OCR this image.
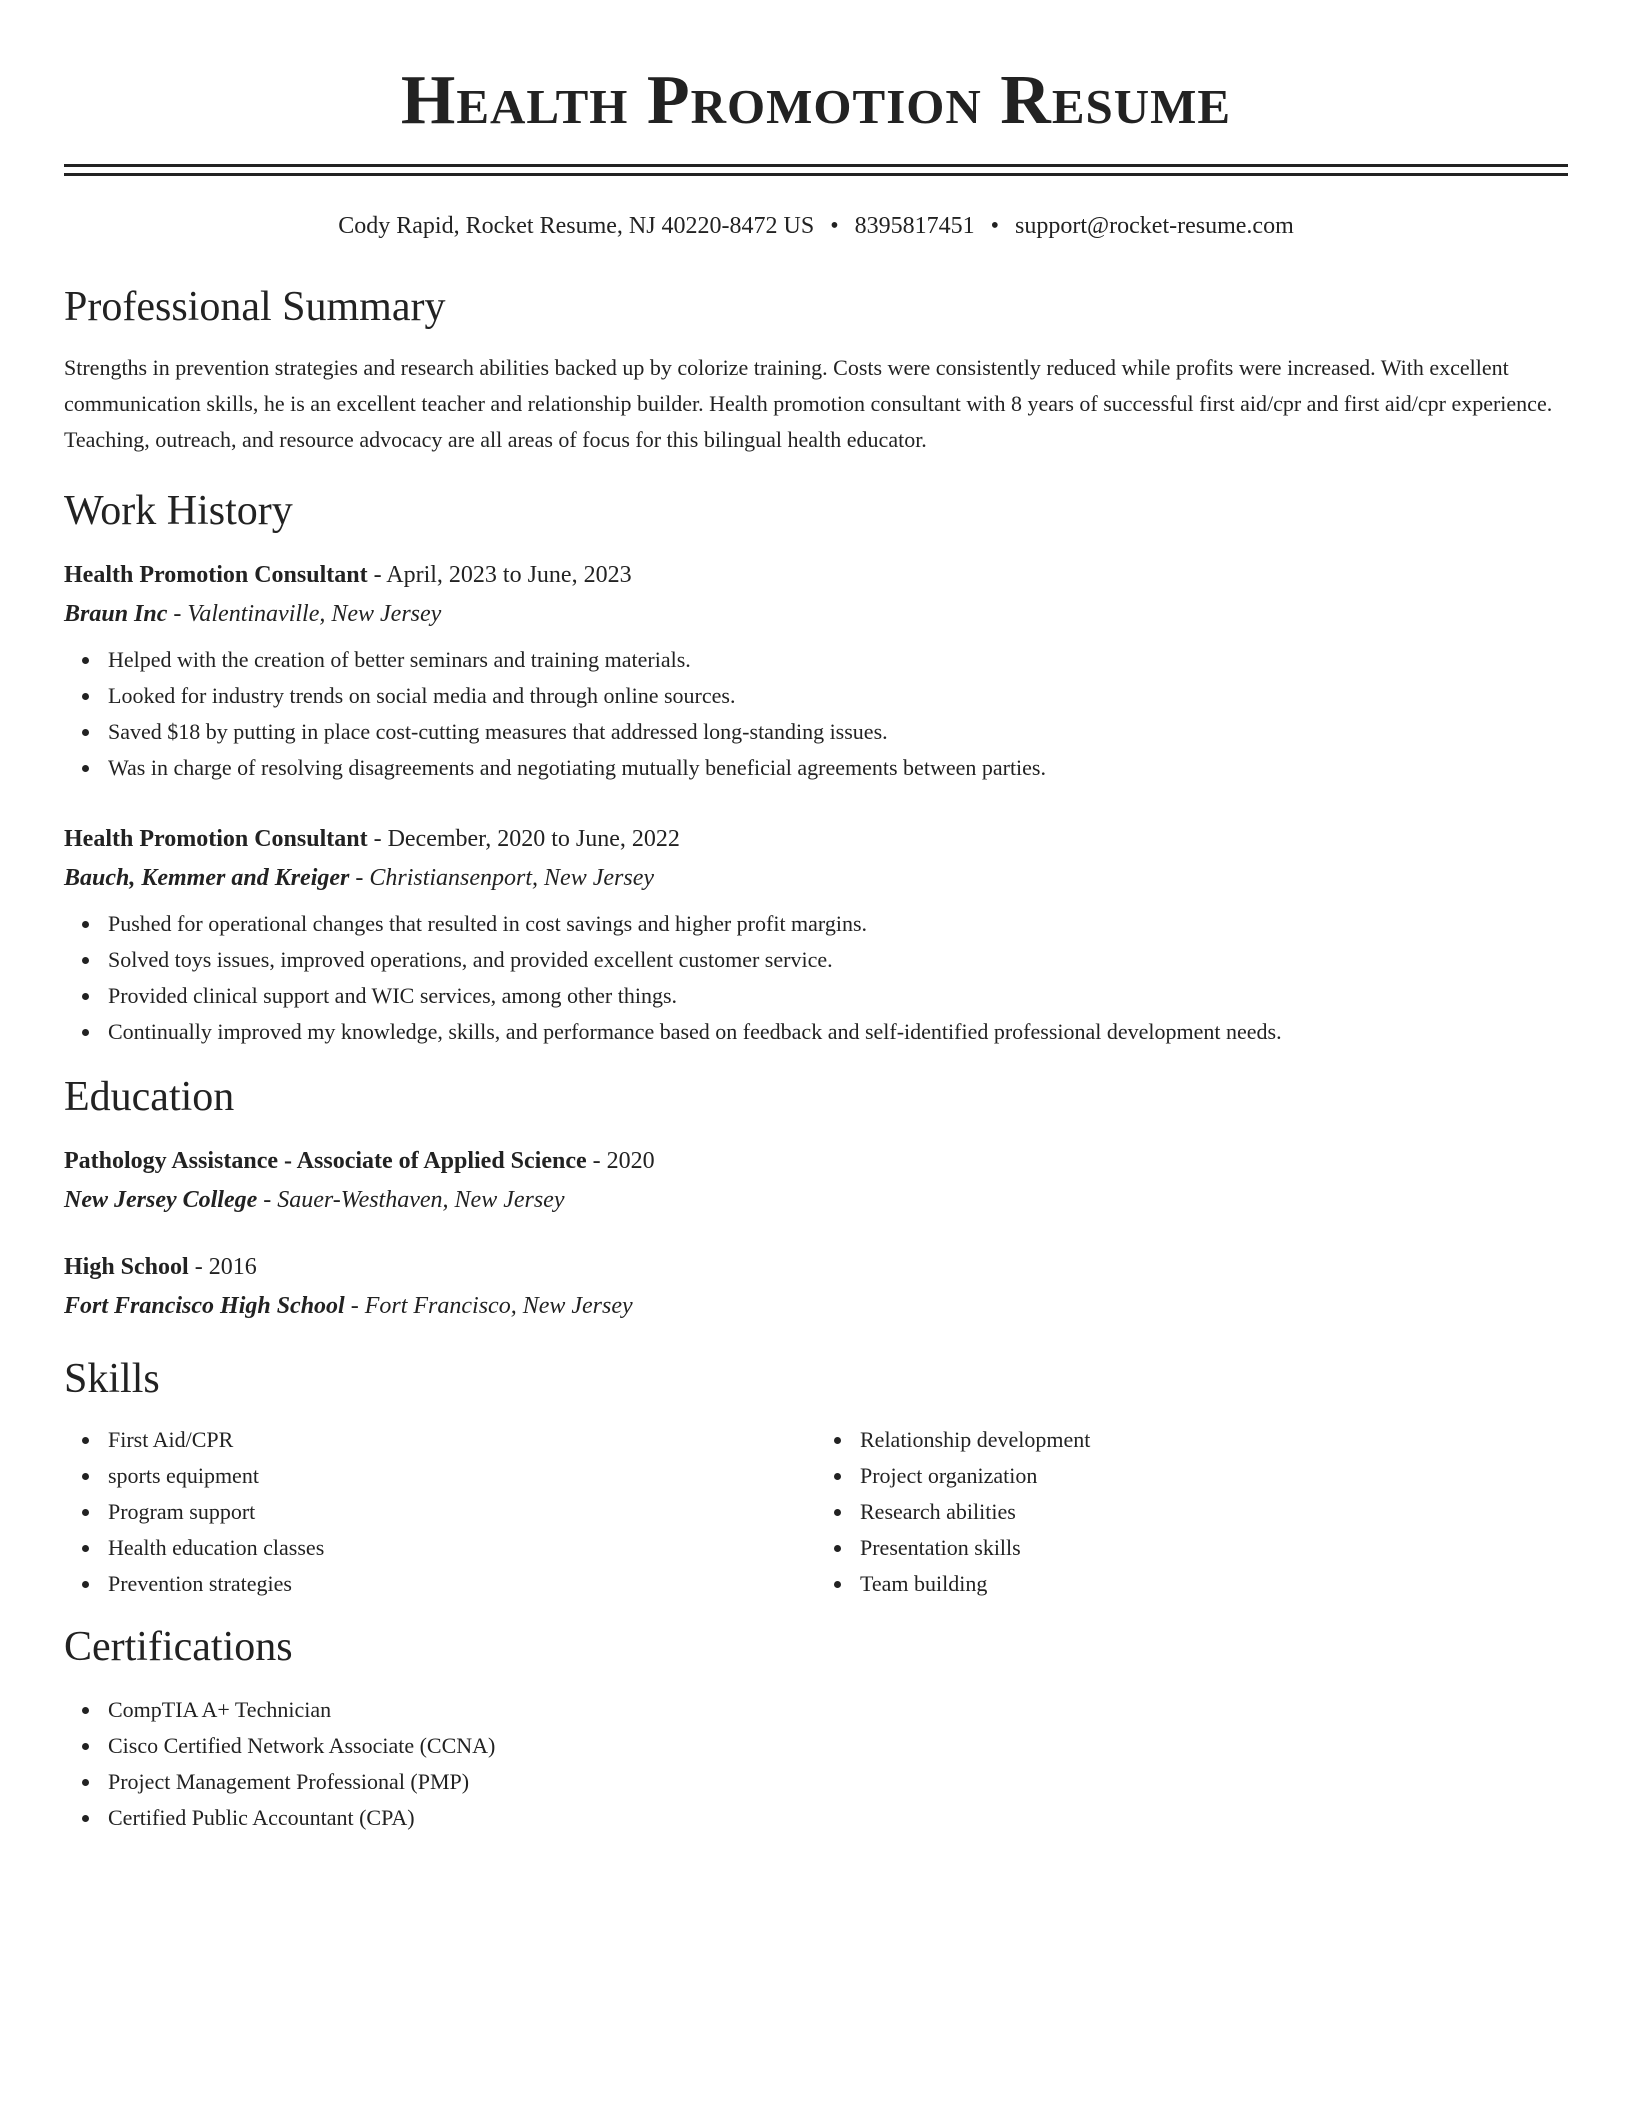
Health Promotion Resume
Cody Rapid, Rocket Resume, NJ 40220-8472 US • 8395817451 • support@rocket-resume.com
Professional Summary

Strengths in prevention strategies and research abilities backed up by colorize training. Costs were consistently reduced while profits were increased. With excellent communication skills, he is an excellent teacher and relationship builder. Health promotion consultant with 8 years of successful first aid/cpr and first aid/cpr experience. Teaching, outreach, and resource advocacy are all areas of focus for this bilingual health educator.

Work History
Health Promotion Consultant - April, 2023 to June, 2023
Braun Inc - Valentinaville, New Jersey
Helped with the creation of better seminars and training materials.
Looked for industry trends on social media and through online sources.
Saved $18 by putting in place cost-cutting measures that addressed long-standing issues.
Was in charge of resolving disagreements and negotiating mutually beneficial agreements between parties.
Health Promotion Consultant - December, 2020 to June, 2022
Bauch, Kemmer and Kreiger - Christiansenport, New Jersey
Pushed for operational changes that resulted in cost savings and higher profit margins.
Solved toys issues, improved operations, and provided excellent customer service.
Provided clinical support and WIC services, among other things.
Continually improved my knowledge, skills, and performance based on feedback and self-identified professional development needs.
Education
Pathology Assistance - Associate of Applied Science - 2020
New Jersey College - Sauer-Westhaven, New Jersey
High School - 2016
Fort Francisco High School - Fort Francisco, New Jersey
Skills
First Aid/CPR
sports equipment
Program support
Health education classes
Prevention strategies
Relationship development
Project organization
Research abilities
Presentation skills
Team building
Certifications
CompTIA A+ Technician
Cisco Certified Network Associate (CCNA)
Project Management Professional (PMP)
Certified Public Accountant (CPA)
